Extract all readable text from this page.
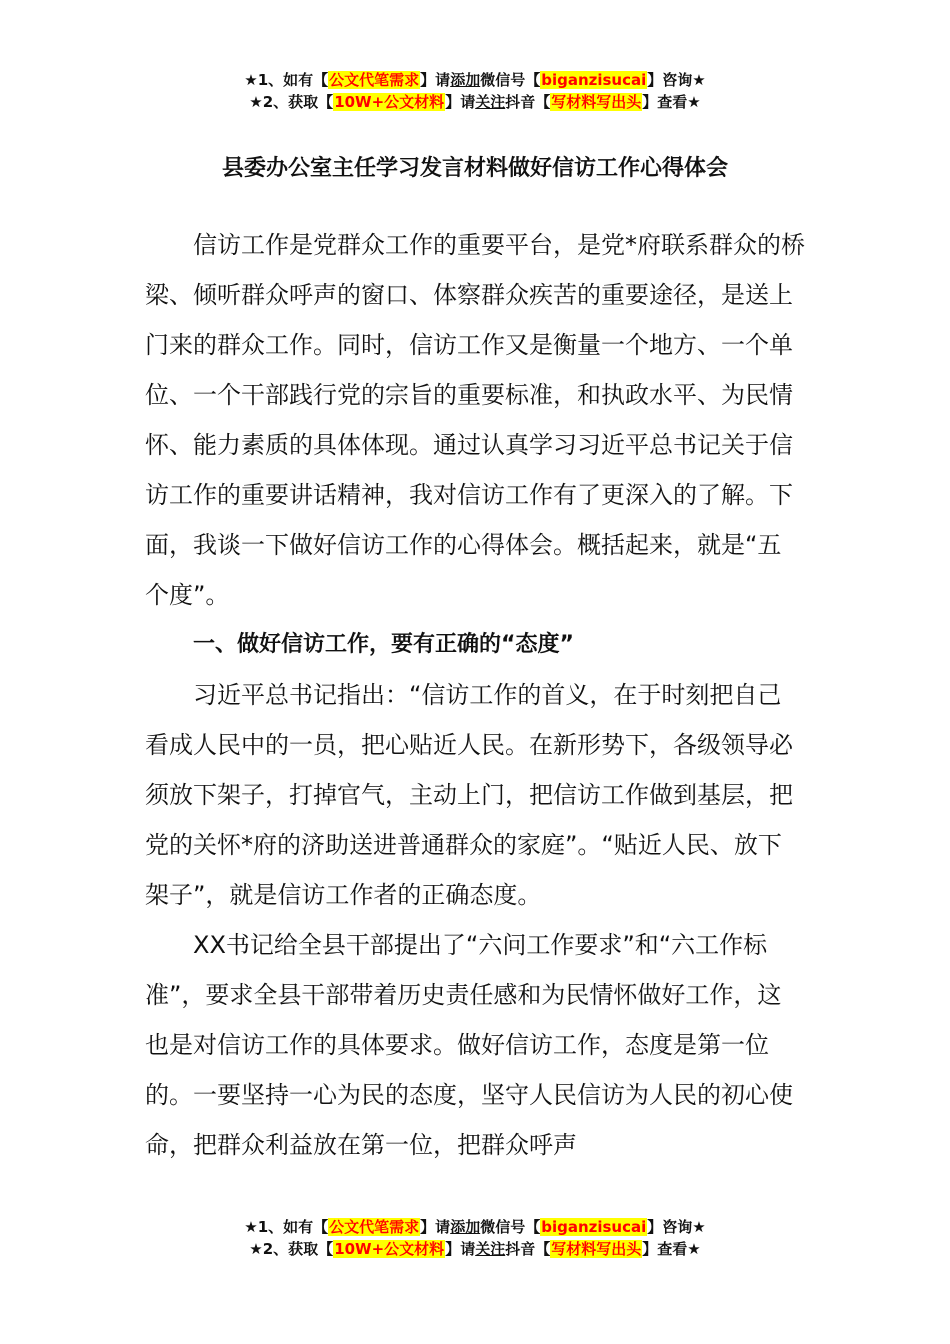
★1、如有【公文代笔需求】请添加微信号【biganzisucai】咨询★
★2、获取【10W+公文材料】请关注抖音【写材料写出头】查看★
县委办公室主任学习发言材料做好信访工作心得体会

信访工作是党群众工作的重要平台，是党*府联系群众的桥梁、倾听群众呼声的窗口、体察群众疾苦的重要途径，是送上门来的群众工作。同时，信访工作又是衡量一个地方、一个单位、一个干部践行党的宗旨的重要标准，和执政水平、为民情怀、能力素质的具体体现。通过认真学习习近平总书记关于信访工作的重要讲话精神，我对信访工作有了更深入的了解。下面，我谈一下做好信访工作的心得体会。概括起来，就是“五个度”。

一、做好信访工作，要有正确的“态度”

习近平总书记指出：“信访工作的首义，在于时刻把自己看成人民中的一员，把心贴近人民。在新形势下，各级领导必须放下架子，打掉官气，主动上门，把信访工作做到基层，把党的关怀*府的济助送进普通群众的家庭”。“贴近人民、放下架子”，就是信访工作者的正确态度。

XX书记给全县干部提出了“六问工作要求”和“六工作标准”，要求全县干部带着历史责任感和为民情怀做好工作，这也是对信访工作的具体要求。做好信访工作，态度是第一位的。一要坚持一心为民的态度，坚守人民信访为人民的初心使命，把群众利益放在第一位，把群众呼声

★1、如有【公文代笔需求】请添加微信号【biganzisucai】咨询★
★2、获取【10W+公文材料】请关注抖音【写材料写出头】查看★
